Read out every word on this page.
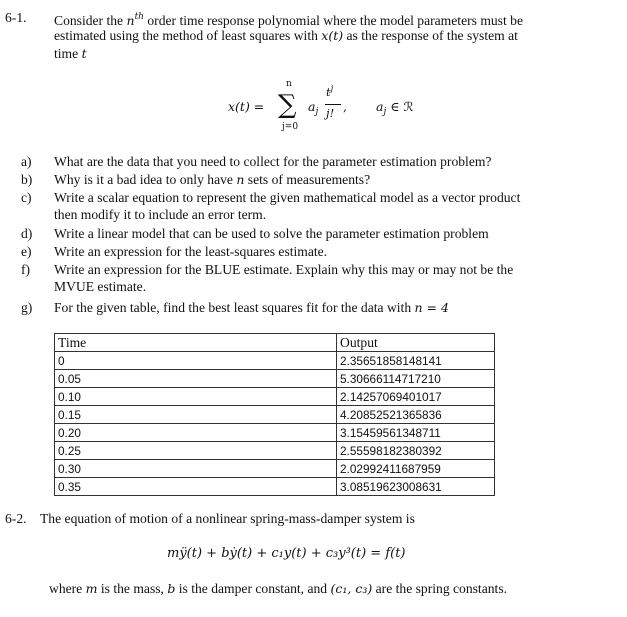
6-1. Consider the $n^{th}$ order time response polynomial where the model parameters must be
estimated using the method of least squares with x(t) as the response of the system at
time t
x(t) =
n
∑
j=0
$a_j$
$t^j$
j! , $a_j$ ∈ ℛ
a) What are the data that you need to collect for the parameter estimation problem?
b) Why is it a bad idea to only have n sets of measurements?
c) Write a scalar equation to represent the given mathematical model as a vector product
then modify it to include an error term.
d) Write a linear model that can be used to solve the parameter estimation problem
e) Write an expression for the least-squares estimate.
f) Write an expression for the BLUE estimate. Explain why this may or may not be the
MVUE estimate.
g) For the given table, find the best least squares fit for the data with n = 4
Time	Output
0	2.35651858148141
0.05	5.30666114717210
0.10	2.14257069401017
0.15	4.20852521365836
0.20	3.15459561348711
0.25	2.55598182380392
0.30	2.02992411687959
0.35	3.08519623008631
6-2. The equation of motion of a nonlinear spring-mass-damper system is
mÿ(t) + bẏ(t) + c₁y(t) + c₃y³(t) = f(t)
where m is the mass, b is the damper constant, and (c₁, c₃) are the spring constants.
